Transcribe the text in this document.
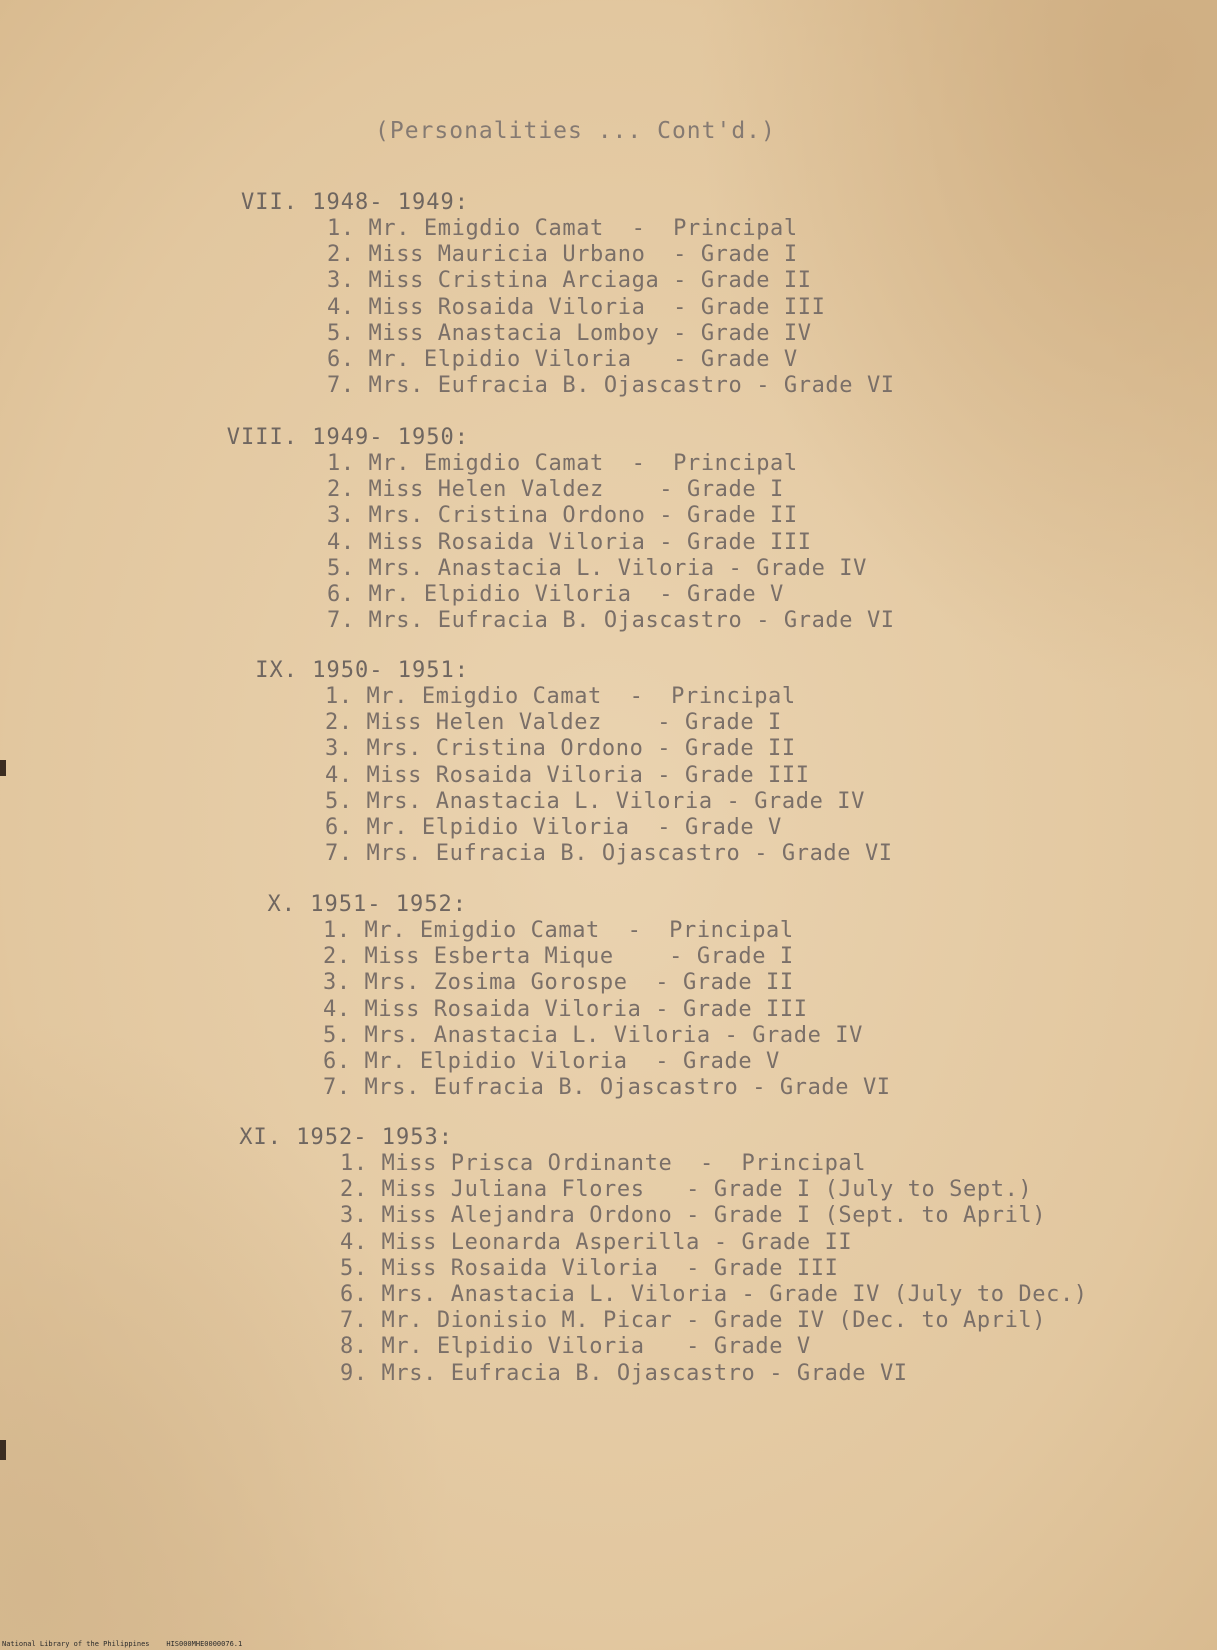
(Personalities ... Cont'd.)
VII. 1948- 1949:
1. Mr. Emigdio Camat  -  Principal
2. Miss Mauricia Urbano  - Grade I
3. Miss Cristina Arciaga - Grade II
4. Miss Rosaida Viloria  - Grade III
5. Miss Anastacia Lomboy - Grade IV
6. Mr. Elpidio Viloria   - Grade V
7. Mrs. Eufracia B. Ojascastro - Grade VI
VIII. 1949- 1950:
1. Mr. Emigdio Camat  -  Principal
2. Miss Helen Valdez    - Grade I
3. Mrs. Cristina Ordono - Grade II
4. Miss Rosaida Viloria - Grade III
5. Mrs. Anastacia L. Viloria - Grade IV
6. Mr. Elpidio Viloria  - Grade V
7. Mrs. Eufracia B. Ojascastro - Grade VI
IX. 1950- 1951:
1. Mr. Emigdio Camat  -  Principal
2. Miss Helen Valdez    - Grade I
3. Mrs. Cristina Ordono - Grade II
4. Miss Rosaida Viloria - Grade III
5. Mrs. Anastacia L. Viloria - Grade IV
6. Mr. Elpidio Viloria  - Grade V
7. Mrs. Eufracia B. Ojascastro - Grade VI
X. 1951- 1952:
1. Mr. Emigdio Camat  -  Principal
2. Miss Esberta Mique    - Grade I
3. Mrs. Zosima Gorospe  - Grade II
4. Miss Rosaida Viloria - Grade III
5. Mrs. Anastacia L. Viloria - Grade IV
6. Mr. Elpidio Viloria  - Grade V
7. Mrs. Eufracia B. Ojascastro - Grade VI
XI. 1952- 1953:
1. Miss Prisca Ordinante  -  Principal
2. Miss Juliana Flores   - Grade I (July to Sept.)
3. Miss Alejandra Ordono - Grade I (Sept. to April)
4. Miss Leonarda Asperilla - Grade II
5. Miss Rosaida Viloria  - Grade III
6. Mrs. Anastacia L. Viloria - Grade IV (July to Dec.)
7. Mr. Dionisio M. Picar - Grade IV (Dec. to April)
8. Mr. Elpidio Viloria   - Grade V
9. Mrs. Eufracia B. Ojascastro - Grade VI
National Library of the Philippines    HIS000MHE0000076.1
